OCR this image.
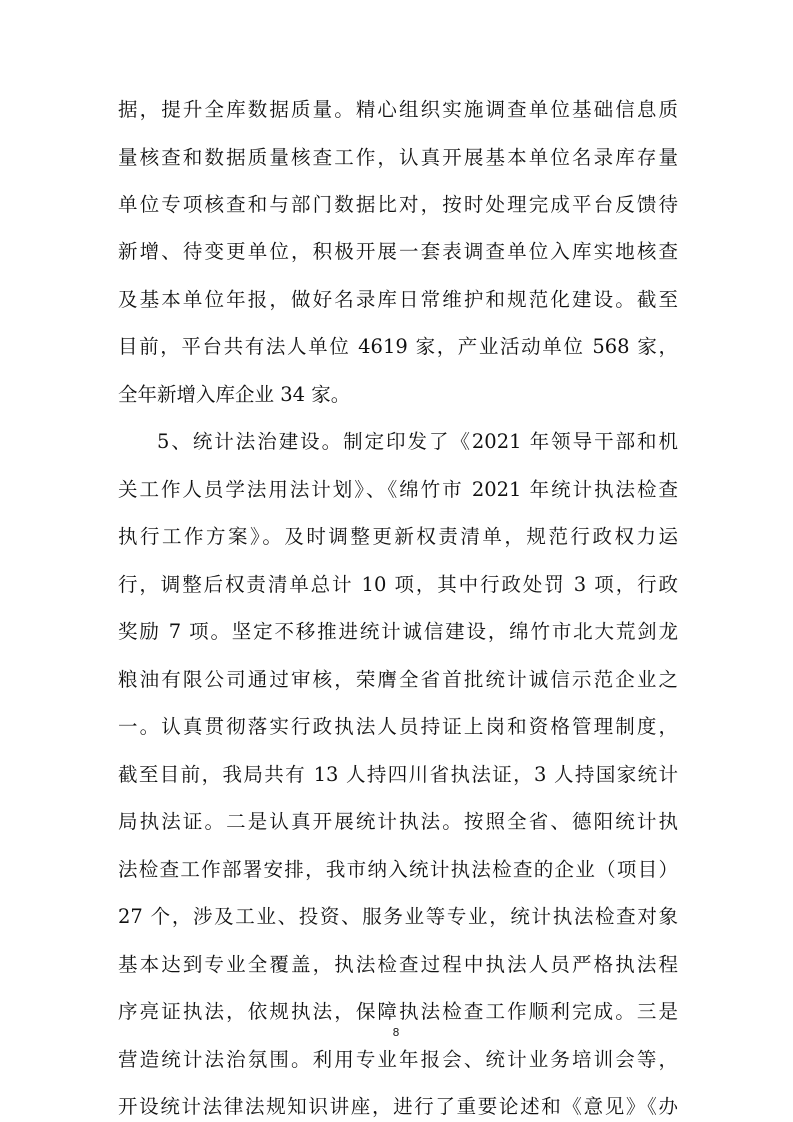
据，提升全库数据质量。精心组织实施调查单位基础信息质
量核查和数据质量核查工作，认真开展基本单位名录库存量
单位专项核查和与部门数据比对，按时处理完成平台反馈待
新增、待变更单位，积极开展一套表调查单位入库实地核查
及基本单位年报，做好名录库日常维护和规范化建设。截至
目前，平台共有法人单位 4619 家，产业活动单位 568 家，
全年新增入库企业 34 家。
5、统计法治建设。制定印发了《2021 年领导干部和机
关工作人员学法用法计划》、《绵竹市 2021 年统计执法检查
执行工作方案》。及时调整更新权责清单，规范行政权力运
行，调整后权责清单总计 10 项，其中行政处罚 3 项，行政
奖励 7 项。坚定不移推进统计诚信建设，绵竹市北大荒剑龙
粮油有限公司通过审核，荣膺全省首批统计诚信示范企业之
一。认真贯彻落实行政执法人员持证上岗和资格管理制度，
截至目前，我局共有 13 人持四川省执法证，3 人持国家统计
局执法证。二是认真开展统计执法。按照全省、德阳统计执
法检查工作部署安排，我市纳入统计执法检查的企业（项目）
27 个，涉及工业、投资、服务业等专业，统计执法检查对象
基本达到专业全覆盖，执法检查过程中执法人员严格执法程
序亮证执法，依规执法，保障执法检查工作顺利完成。三是
营造统计法治氛围。利用专业年报会、统计业务培训会等，
开设统计法律法规知识讲座，进行了重要论述和《意见》《办
8
